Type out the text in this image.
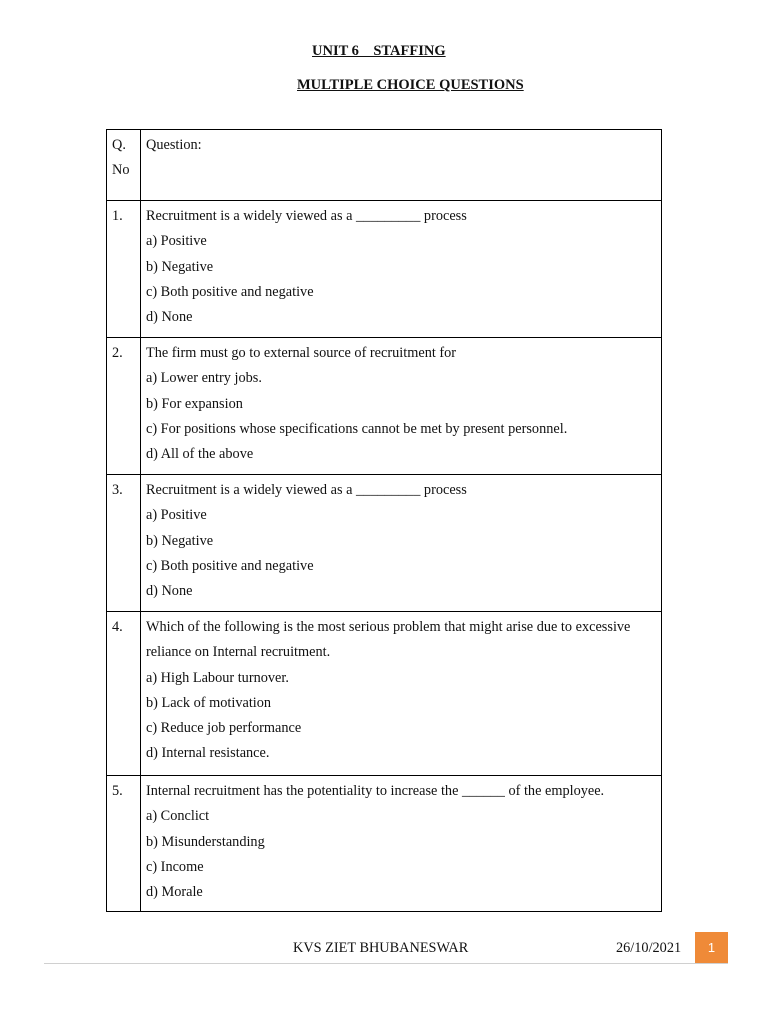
UNIT 6    STAFFING
MULTIPLE CHOICE QUESTIONS
Q. No	Question:
1.	Recruitment is a widely viewed as a _________ process
a) Positive
b) Negative
c) Both positive and negative
d) None

2.	The firm must go to external source of recruitment for
a) Lower entry jobs.
b) For expansion
c) For positions whose specifications cannot be met by present personnel.
d) All of the above

3.	Recruitment is a widely viewed as a _________ process
a) Positive
b) Negative
c) Both positive and negative
d) None

4.	Which of the following is the most serious problem that might arise due to excessive reliance on Internal recruitment.
a) High Labour turnover.
b) Lack of motivation
c) Reduce job performance
d) Internal resistance.

5.	Internal recruitment has the potentiality to increase the ______ of the employee.
a) Conclict
b) Misunderstanding
c) Income
d) Morale
KVS ZIET BHUBANESWAR	26/10/2021	1
